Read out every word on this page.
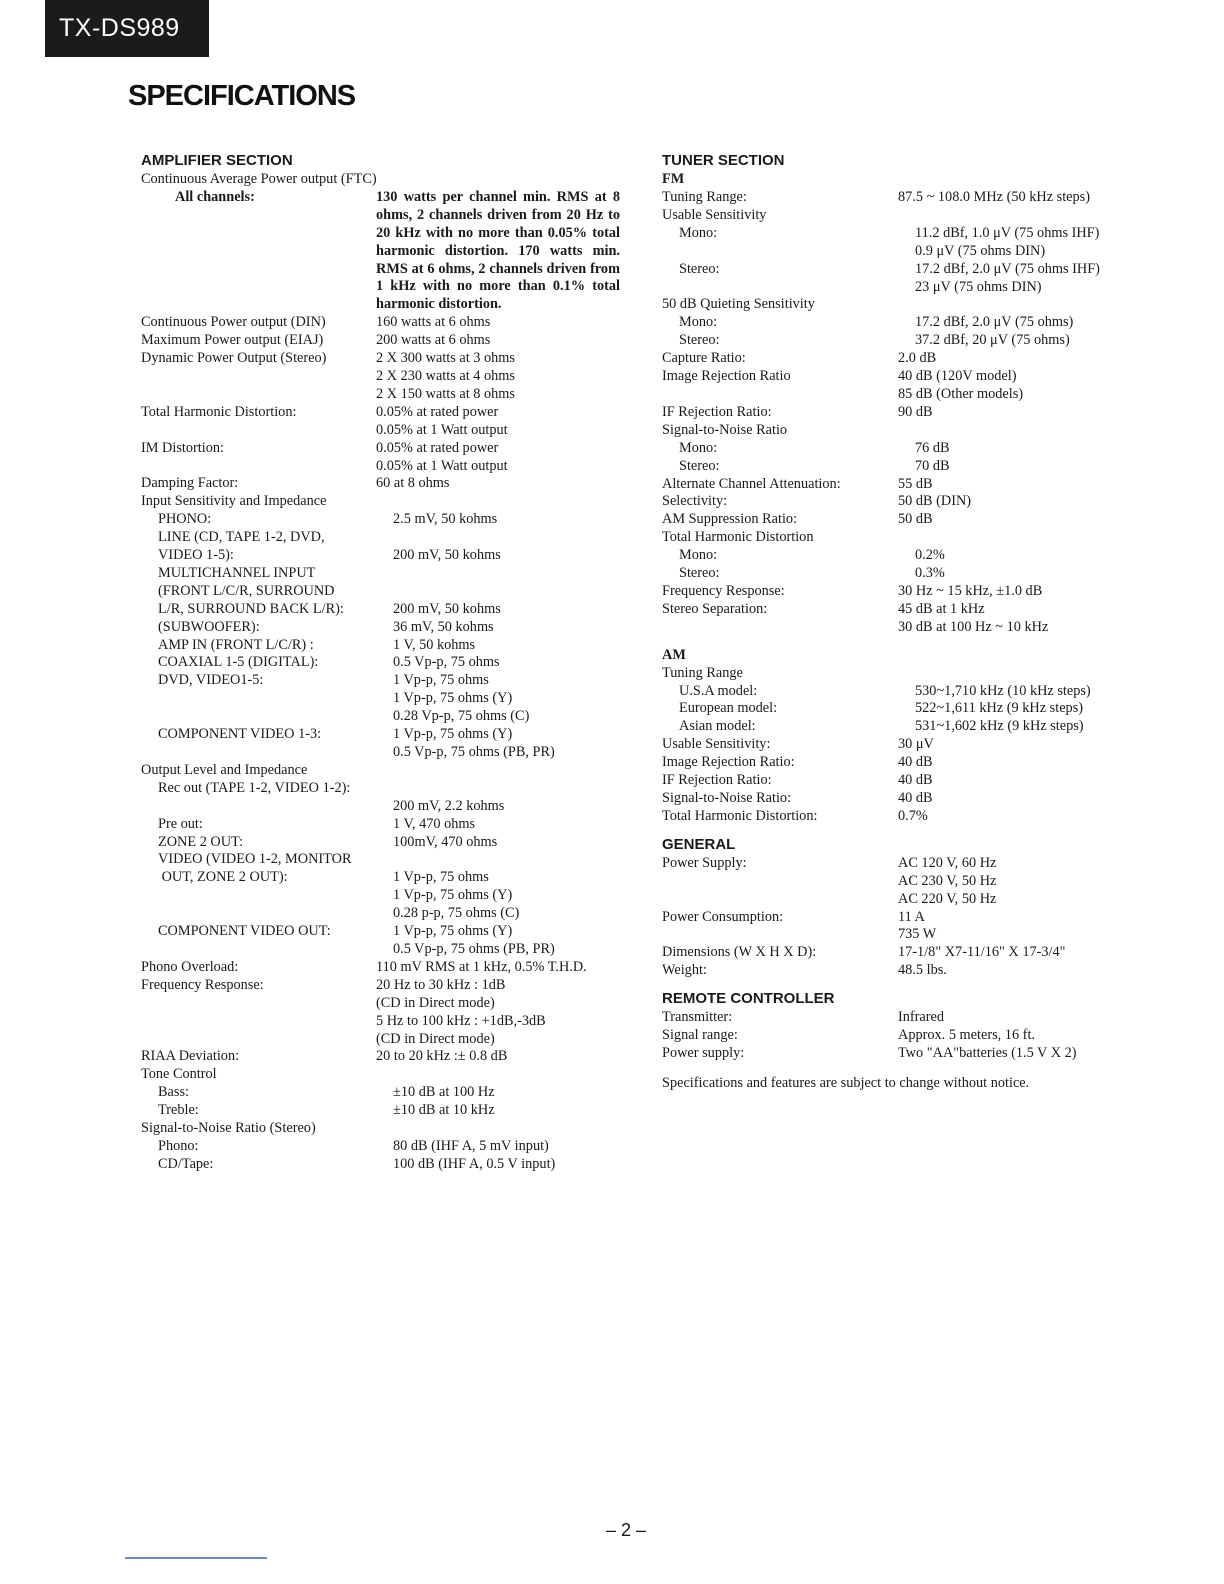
TX-DS989
SPECIFICATIONS
AMPLIFIER SECTION
Continuous Average Power output (FTC)
All channels:	130 watts per channel min. RMS at 8 ohms, 2 channels driven from 20 Hz to 20 kHz with no more than 0.05% total harmonic distortion. 170 watts min. RMS at 6 ohms, 2 channels driven from 1 kHz with no more than 0.1% total harmonic distortion.
Continuous Power output (DIN)	160 watts at 6 ohms
Maximum Power output (EIAJ)	200 watts at 6 ohms
Dynamic Power Output (Stereo)	2 X 300 watts at 3 ohms
2 X 230 watts at 4 ohms
2 X 150 watts at 8 ohms
Total Harmonic Distortion:	0.05% at rated power
0.05% at 1 Watt output
IM Distortion:	0.05% at rated power
0.05% at 1 Watt output
Damping Factor:	60 at 8 ohms
Input Sensitivity and Impedance
PHONO:	2.5 mV, 50 kohms
LINE (CD, TAPE 1-2, DVD,
VIDEO 1-5):	
200 mV, 50 kohms
MULTICHANNEL INPUT
(FRONT L/C/R, SURROUND
L/R, SURROUND BACK L/R):	

200 mV, 50 kohms
(SUBWOOFER):	36 mV, 50 kohms
AMP IN (FRONT L/C/R) :	1 V, 50 kohms
COAXIAL 1-5 (DIGITAL):	0.5 Vp-p, 75 ohms
DVD, VIDEO1-5:	1 Vp-p, 75 ohms
1 Vp-p, 75 ohms (Y)
0.28 Vp-p, 75 ohms (C)
COMPONENT VIDEO 1-3:	1 Vp-p, 75 ohms (Y)
0.5 Vp-p, 75 ohms (PB, PR)
Output Level and Impedance
Rec out (TAPE 1-2, VIDEO 1-2):
200 mV, 2.2 kohms
Pre out:	1 V, 470 ohms
ZONE 2 OUT:	100mV, 470 ohms
VIDEO (VIDEO 1-2, MONITOR
OUT, ZONE 2 OUT):	
1 Vp-p, 75 ohms
1 Vp-p, 75 ohms (Y)
0.28 p-p, 75 ohms (C)
COMPONENT VIDEO OUT:	1 Vp-p, 75 ohms (Y)
0.5 Vp-p, 75 ohms (PB, PR)
Phono Overload:	110 mV RMS at 1 kHz, 0.5% T.H.D.
Frequency Response:	20 Hz to 30 kHz : 1dB
(CD in Direct mode)
5 Hz to 100 kHz : +1dB,-3dB
(CD in Direct mode)
RIAA Deviation:	20 to 20 kHz :± 0.8 dB
Tone Control
Bass:	±10 dB at 100 Hz
Treble:	±10 dB at 10 kHz
Signal-to-Noise Ratio (Stereo)
Phono:	80 dB (IHF A, 5 mV input)
CD/Tape:	100 dB (IHF A, 0.5 V input)
TUNER SECTION
FM
Tuning Range:	87.5 ~ 108.0 MHz (50 kHz steps)
Usable Sensitivity
Mono:	11.2 dBf, 1.0 μV (75 ohms IHF)
0.9 μV (75 ohms DIN)
Stereo:	17.2 dBf, 2.0 μV (75 ohms IHF)
23 μV (75 ohms DIN)
50 dB Quieting Sensitivity
Mono:	17.2 dBf, 2.0 μV (75 ohms)
Stereo:	37.2 dBf, 20 μV (75 ohms)
Capture Ratio:	2.0 dB
Image Rejection Ratio	40 dB (120V model)
85 dB (Other models)
IF Rejection Ratio:	90 dB
Signal-to-Noise Ratio
Mono:	76 dB
Stereo:	70 dB
Alternate Channel Attenuation:	55 dB
Selectivity:	50 dB (DIN)
AM Suppression Ratio:	50 dB
Total Harmonic Distortion
Mono:	0.2%
Stereo:	0.3%
Frequency Response:	30 Hz ~ 15 kHz, ±1.0 dB
Stereo Separation:	45 dB at 1 kHz
30 dB at 100 Hz ~ 10 kHz
AM
Tuning Range
U.S.A model:	530~1,710 kHz (10 kHz steps)
European model:	522~1,611 kHz (9 kHz steps)
Asian model:	531~1,602 kHz (9 kHz steps)
Usable Sensitivity:	30 μV
Image Rejection Ratio:	40 dB
IF Rejection Ratio:	40 dB
Signal-to-Noise Ratio:	40 dB
Total Harmonic Distortion:	0.7%
GENERAL
Power Supply:	AC 120 V, 60 Hz
AC 230 V, 50 Hz
AC 220 V, 50 Hz
Power Consumption:	11 A
735 W
Dimensions (W X H X D):	17-1/8" X7-11/16" X 17-3/4"
Weight:	48.5 lbs.
REMOTE CONTROLLER
Transmitter:	Infrared
Signal range:	Approx. 5 meters, 16 ft.
Power supply:	Two "AA"batteries (1.5 V X 2)
Specifications and features are subject to change without notice.
– 2 –
